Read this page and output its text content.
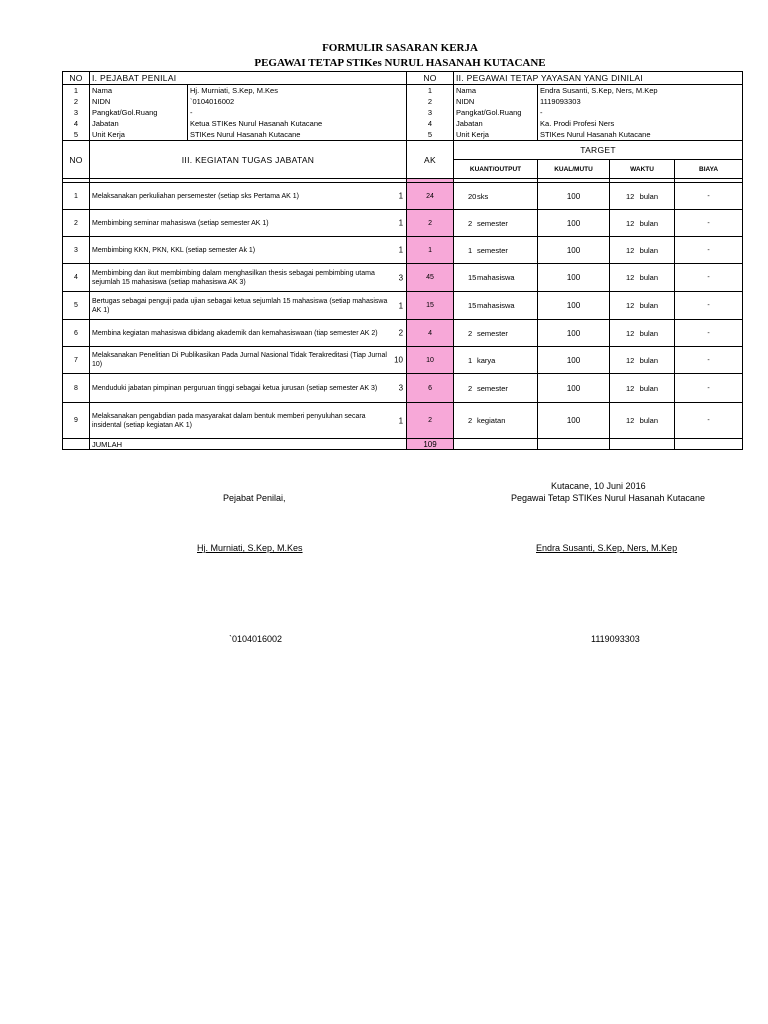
FORMULIR SASARAN KERJA
PEGAWAI TETAP STIKes NURUL HASANAH KUTACANE
NO	I. PEJABAT PENILAI		NO	II. PEGAWAI TETAP YAYASAN YANG DINILAI			
1	Nama	Hj. Murniati, S.Kep, M.Kes	1	Nama	Endra Susanti, S.Kep, Ners, M.Kep		
2	NIDN	`0104016002	2	NIDN	1119093303		
3	Pangkat/Gol.Ruang	-	3	Pangkat/Gol.Ruang	-		
4	Jabatan	Ketua STIKes Nurul Hasanah Kutacane	4	Jabatan	Ka. Prodi Profesi Ners		
5	Unit Kerja	STIKes Nurul Hasanah Kutacane	5	Unit Kerja	STIKes Nurul Hasanah Kutacane		
NO	III. KEGIATAN TUGAS JABATAN		AK	TARGET			
				KUANT/OUTPUT	KUAL/MUTU	WAKTU	BIAYA

1	Melaksanakan perkuliahan persemester (setiap sks Pertama AK 1) 1		24	20 sks	100	12 bulan	-
2	Membimbing seminar mahasiswa (setiap semester AK 1) 1		2	2 semester	100	12 bulan	-
3	Membimbing KKN, PKN, KKL (setiap semester Ak 1) 1		1	1 semester	100	12 bulan	-
4	Membimbing dan ikut membimbing dalam menghasilkan thesis sebagai pembimbing utama sejumlah 15 mahasiswa (setiap mahasiswa AK 3) 3		45	15 mahasiswa	100	12 bulan	-
5	Bertugas sebagai penguji pada ujian sebagai ketua sejumlah 15 mahasiswa (setiap mahasiswa AK 1) 1		15	15 mahasiswa	100	12 bulan	-
6	Membina kegiatan mahasiswa dibidang akademik dan kemahasiswaan (tiap semester AK 2) 2		4	2 semester	100	12 bulan	-
7	Melaksanakan Penelitian Di Publikasikan Pada Jurnal Nasional Tidak Terakreditasi (Tiap Jurnal 10) 10		10	1 karya	100	12 bulan	-
8	Menduduki jabatan pimpinan perguruan tinggi sebagai ketua jurusan (setiap semester AK 3) 3		6	2 semester	100	12 bulan	-
9	Melaksanakan pengabdian pada masyarakat dalam bentuk memberi penyuluhan secara insidental (setiap kegiatan AK 1) 1		2	2 kegiatan	100	12 bulan	-
	JUMLAH		109				
Kutacane, 10 Juni 2016
Pejabat Penilai,	Pegawai Tetap STIKes Nurul Hasanah Kutacane
Hj. Murniati, S.Kep, M.Kes	Endra Susanti, S.Kep, Ners, M.Kep
`0104016002	1119093303
